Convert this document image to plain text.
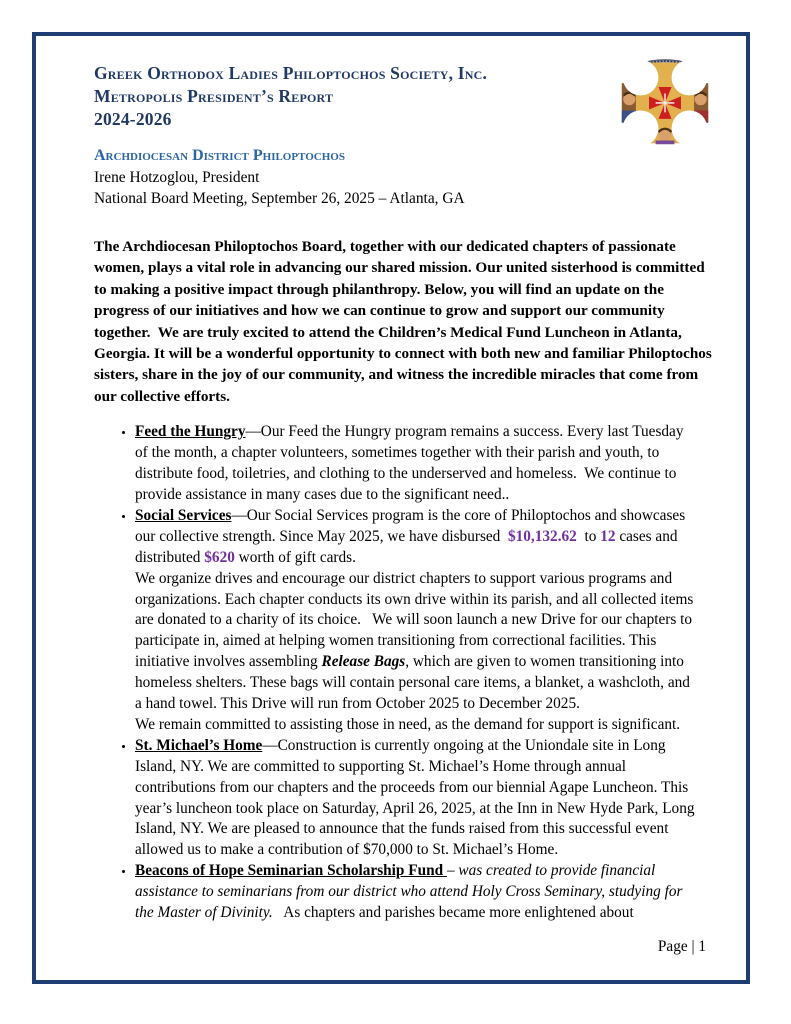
Greek Orthodox Ladies Philoptochos Society, Inc.
Metropolis President’s Report
2024-2026
Archdiocesan District Philoptochos
Irene Hotzoglou, President
National Board Meeting, September 26, 2025 – Atlanta, GA
The Archdiocesan Philoptochos Board, together with our dedicated chapters of passionate women, plays a vital role in advancing our shared mission. Our united sisterhood is committed to making a positive impact through philanthropy. Below, you will find an update on the progress of our initiatives and how we can continue to grow and support our community together.  We are truly excited to attend the Children’s Medical Fund Luncheon in Atlanta, Georgia. It will be a wonderful opportunity to connect with both new and familiar Philoptochos sisters, share in the joy of our community, and witness the incredible miracles that come from our collective efforts.
• Feed the Hungry—Our Feed the Hungry program remains a success. Every last Tuesday of the month, a chapter volunteers, sometimes together with their parish and youth, to distribute food, toiletries, and clothing to the underserved and homeless.  We continue to provide assistance in many cases due to the significant need..
• Social Services—Our Social Services program is the core of Philoptochos and showcases our collective strength. Since May 2025, we have disbursed  $10,132.62  to 12 cases and distributed $620 worth of gift cards.
We organize drives and encourage our district chapters to support various programs and organizations. Each chapter conducts its own drive within its parish, and all collected items are donated to a charity of its choice.   We will soon launch a new Drive for our chapters to participate in, aimed at helping women transitioning from correctional facilities. This initiative involves assembling Release Bags, which are given to women transitioning into homeless shelters. These bags will contain personal care items, a blanket, a washcloth, and a hand towel. This Drive will run from October 2025 to December 2025.
We remain committed to assisting those in need, as the demand for support is significant.
• St. Michael’s Home—Construction is currently ongoing at the Uniondale site in Long Island, NY. We are committed to supporting St. Michael’s Home through annual contributions from our chapters and the proceeds from our biennial Agape Luncheon. This year’s luncheon took place on Saturday, April 26, 2025, at the Inn in New Hyde Park, Long Island, NY. We are pleased to announce that the funds raised from this successful event allowed us to make a contribution of $70,000 to St. Michael’s Home.
• Beacons of Hope Seminarian Scholarship Fund – was created to provide financial assistance to seminarians from our district who attend Holy Cross Seminary, studying for the Master of Divinity.   As chapters and parishes became more enlightened about
Page | 1
